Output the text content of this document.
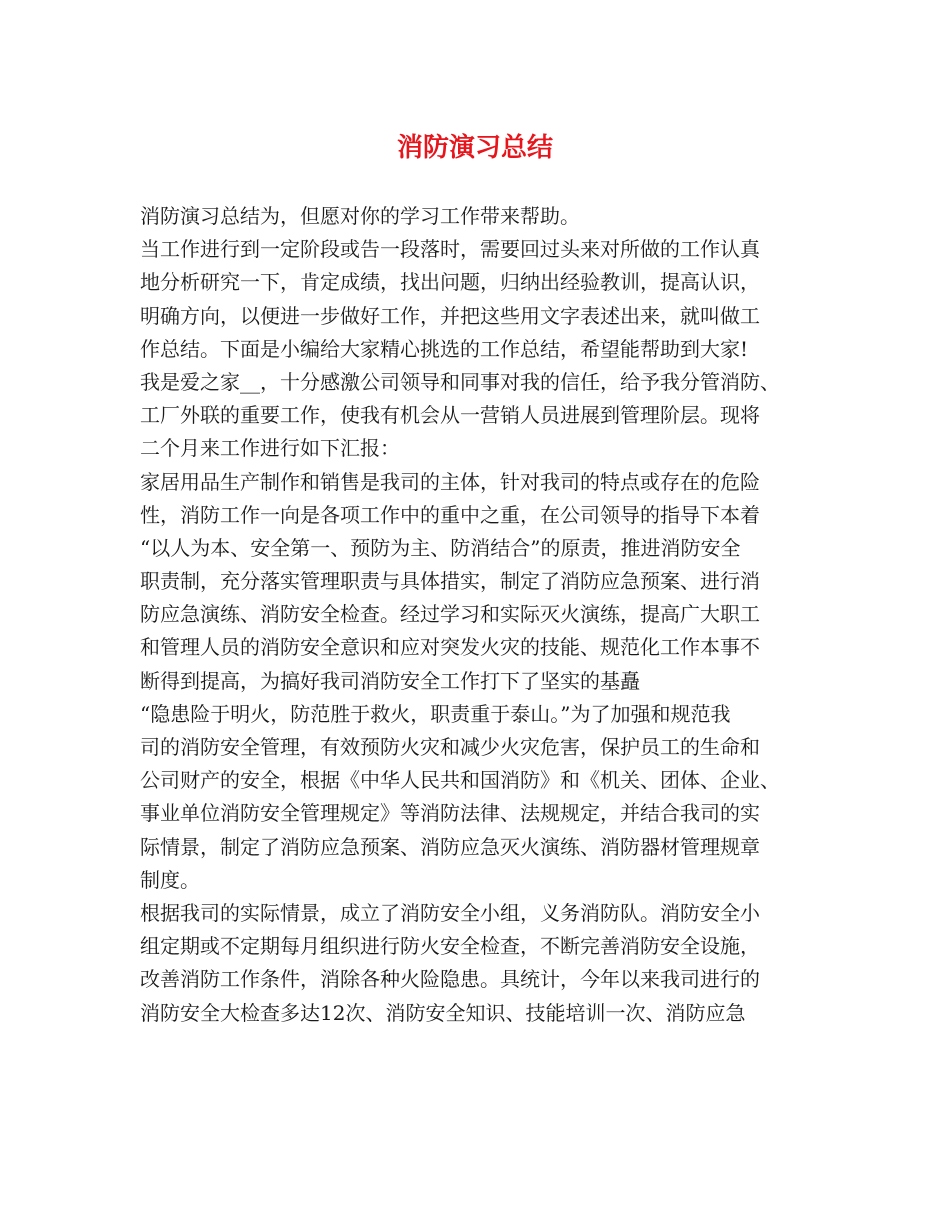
消防演习总结
消防演习总结为，但愿对你的学习工作带来帮助。
当工作进行到一定阶段或告一段落时，需要回过头来对所做的工作认真
地分析研究一下，肯定成绩，找出问题，归纳出经验教训，提高认识，
明确方向，以便进一步做好工作，并把这些用文字表述出来，就叫做工
作总结。下面是小编给大家精心挑选的工作总结，希望能帮助到大家!
我是爱之家__，十分感激公司领导和同事对我的信任，给予我分管消防、
工厂外联的重要工作，使我有机会从一营销人员进展到管理阶层。现将
二个月来工作进行如下汇报：
家居用品生产制作和销售是我司的主体，针对我司的特点或存在的危险
性，消防工作一向是各项工作中的重中之重，在公司领导的指导下本着
“以人为本、安全第一、预防为主、防消结合”的原责，推进消防安全
职责制，充分落实管理职责与具体措实，制定了消防应急预案、进行消
防应急演练、消防安全检查。经过学习和实际灭火演练，提高广大职工
和管理人员的消防安全意识和应对突发火灾的技能、规范化工作本事不
断得到提高，为搞好我司消防安全工作打下了坚实的基矗
“隐患险于明火，防范胜于救火，职责重于泰山。”为了加强和规范我
司的消防安全管理，有效预防火灾和减少火灾危害，保护员工的生命和
公司财产的安全，根据《中华人民共和国消防》和《机关、团体、企业、
事业单位消防安全管理规定》等消防法律、法规规定，并结合我司的实
际情景，制定了消防应急预案、消防应急灭火演练、消防器材管理规章
制度。
根据我司的实际情景，成立了消防安全小组，义务消防队。消防安全小
组定期或不定期每月组织进行防火安全检查，不断完善消防安全设施，
改善消防工作条件，消除各种火险隐患。具统计，今年以来我司进行的
消防安全大检查多达12次、消防安全知识、技能培训一次、消防应急
